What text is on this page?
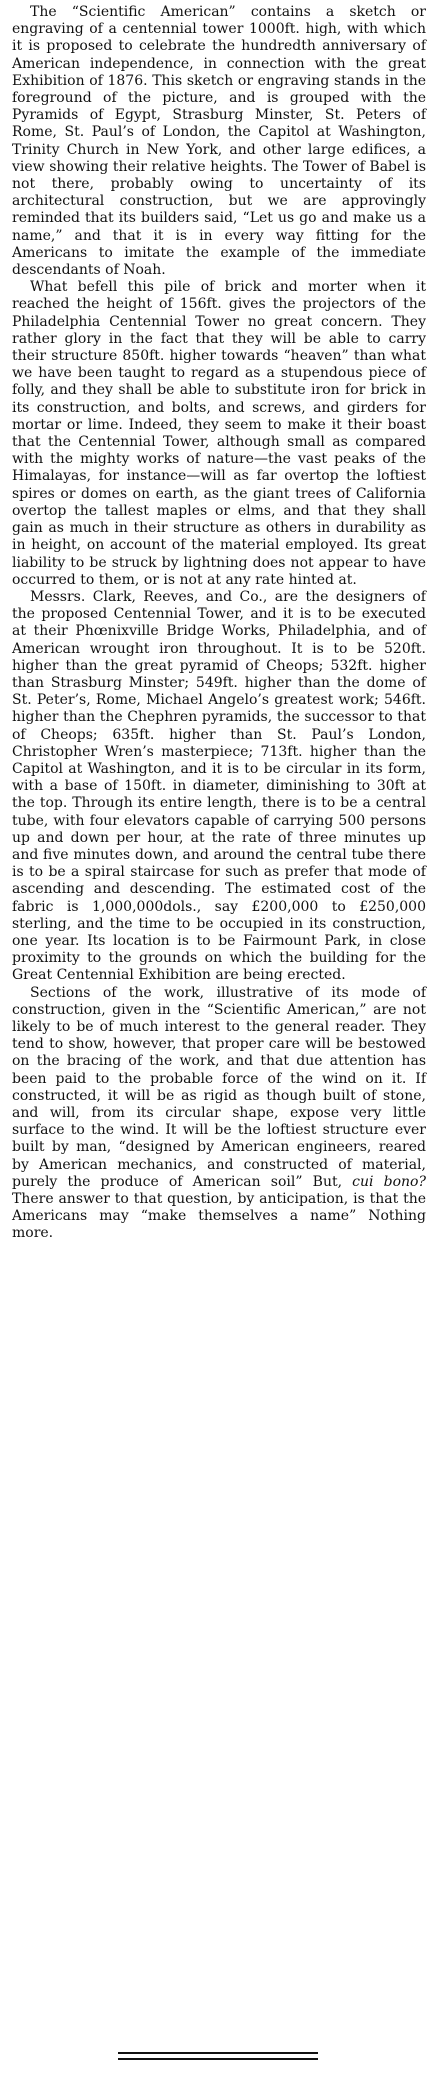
The “Scientific American” contains a sketch or engraving of a centennial tower 1000ft. high, with which it is proposed to celebrate the hundredth anniversary of American independence, in connection with the great Exhibition of 1876. This sketch or engraving stands in the foreground of the picture, and is grouped with the Pyramids of Egypt, Strasburg Minster, St. Peters of Rome, St. Paul’s of London, the Capitol at Washington, Trinity Church in New York, and other large edifices, a view showing their relative heights. The Tower of Babel is not there, probably owing to uncertainty of its architectural construction, but we are approvingly reminded that its builders said, “Let us go and make us a name,” and that it is in every way fitting for the Americans to imitate the example of the immediate descendants of Noah.

What befell this pile of brick and morter when it reached the height of 156ft. gives the projectors of the Philadelphia Centennial Tower no great concern. They rather glory in the fact that they will be able to carry their structure 850ft. higher towards “heaven” than what we have been taught to regard as a stupendous piece of folly, and they shall be able to substitute iron for brick in its construction, and bolts, and screws, and girders for mortar or lime. Indeed, they seem to make it their boast that the Centennial Tower, although small as compared with the mighty works of nature—the vast peaks of the Himalayas, for instance—will as far overtop the loftiest spires or domes on earth, as the giant trees of California overtop the tallest maples or elms, and that they shall gain as much in their structure as others in durability as in height, on account of the material employed. Its great liability to be struck by lightning does not appear to have occurred to them, or is not at any rate hinted at.

Messrs. Clark, Reeves, and Co., are the designers of the proposed Centennial Tower, and it is to be executed at their Phœnixville Bridge Works, Philadelphia, and of American wrought iron throughout. It is to be 520ft. higher than the great pyramid of Cheops; 532ft. higher than Strasburg Minster; 549ft. higher than the dome of St. Peter’s, Rome, Michael Angelo’s greatest work; 546ft. higher than the Chephren pyramids, the successor to that of Cheops; 635ft. higher than St. Paul’s London, Christopher Wren’s masterpiece; 713ft. higher than the Capitol at Washington, and it is to be circular in its form, with a base of 150ft. in diameter, diminishing to 30ft at the top. Through its entire length, there is to be a central tube, with four elevators capable of carrying 500 persons up and down per hour, at the rate of three minutes up and five minutes down, and around the central tube there is to be a spiral staircase for such as prefer that mode of ascending and descending. The estimated cost of the fabric is 1,000,000dols., say £200,000 to £250,000 sterling, and the time to be occupied in its construction, one year. Its location is to be Fairmount Park, in close proximity to the grounds on which the building for the Great Centennial Exhibition are being erected.

Sections of the work, illustrative of its mode of construction, given in the “Scientific American,” are not likely to be of much interest to the general reader. They tend to show, however, that proper care will be bestowed on the bracing of the work, and that due attention has been paid to the probable force of the wind on it. If constructed, it will be as rigid as though built of stone, and will, from its circular shape, expose very little surface to the wind. It will be the loftiest structure ever built by man, “designed by American engineers, reared by American mechanics, and constructed of material, purely the produce of American soil” But, cui bono? There answer to that question, by anticipation, is that the Americans may “make themselves a name” Nothing more.
